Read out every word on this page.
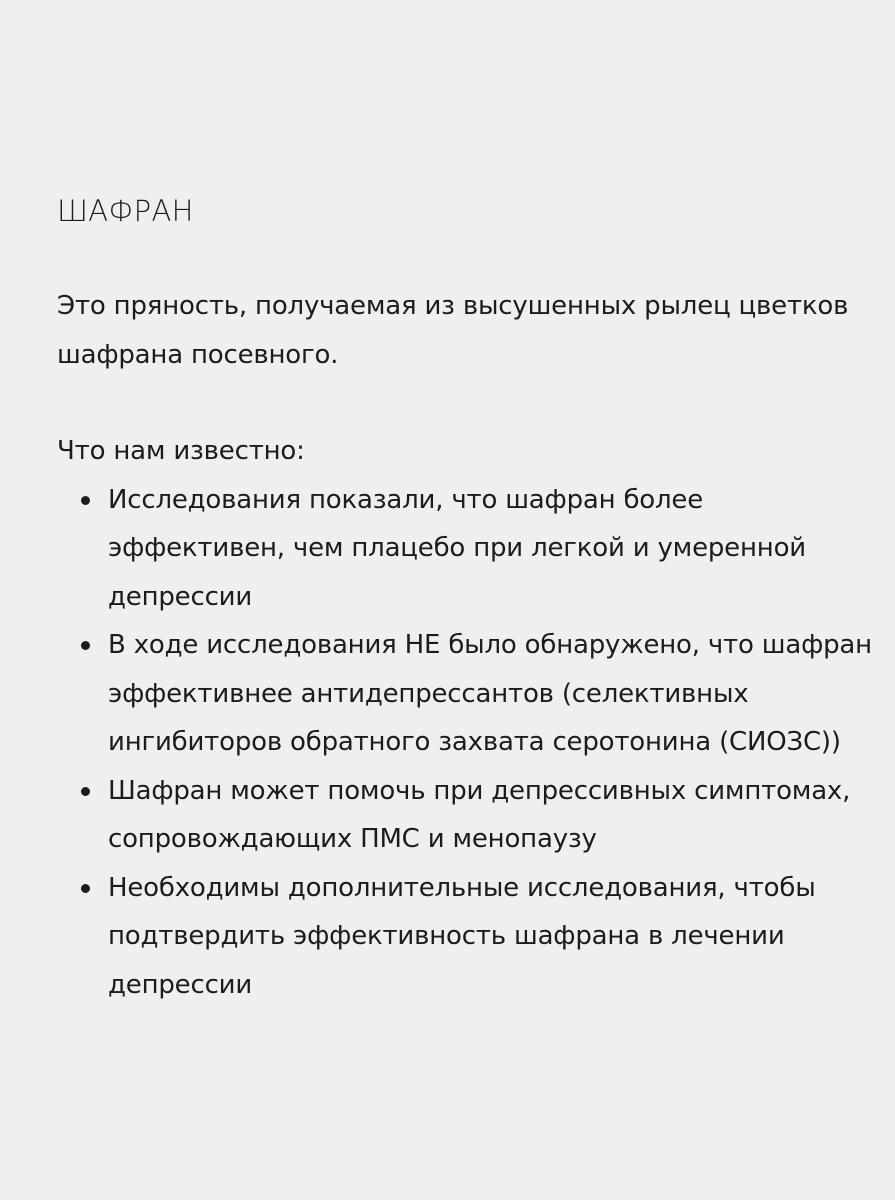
ШАФРАН

Это пряность, получаемая из высушенных рылец цветков шафрана посевного.

Что нам известно:

Исследования показали, что шафран более эффективен, чем плацебо при легкой и умеренной депрессии
В ходе исследования НЕ было обнаружено, что шафран эффективнее антидепрессантов (селективных ингибиторов обратного захвата серотонина (СИОЗС))
Шафран может помочь при депрессивных симптомах, сопровождающих ПМС и менопаузу
Необходимы дополнительные исследования, чтобы подтвердить эффективность шафрана в лечении депрессии
